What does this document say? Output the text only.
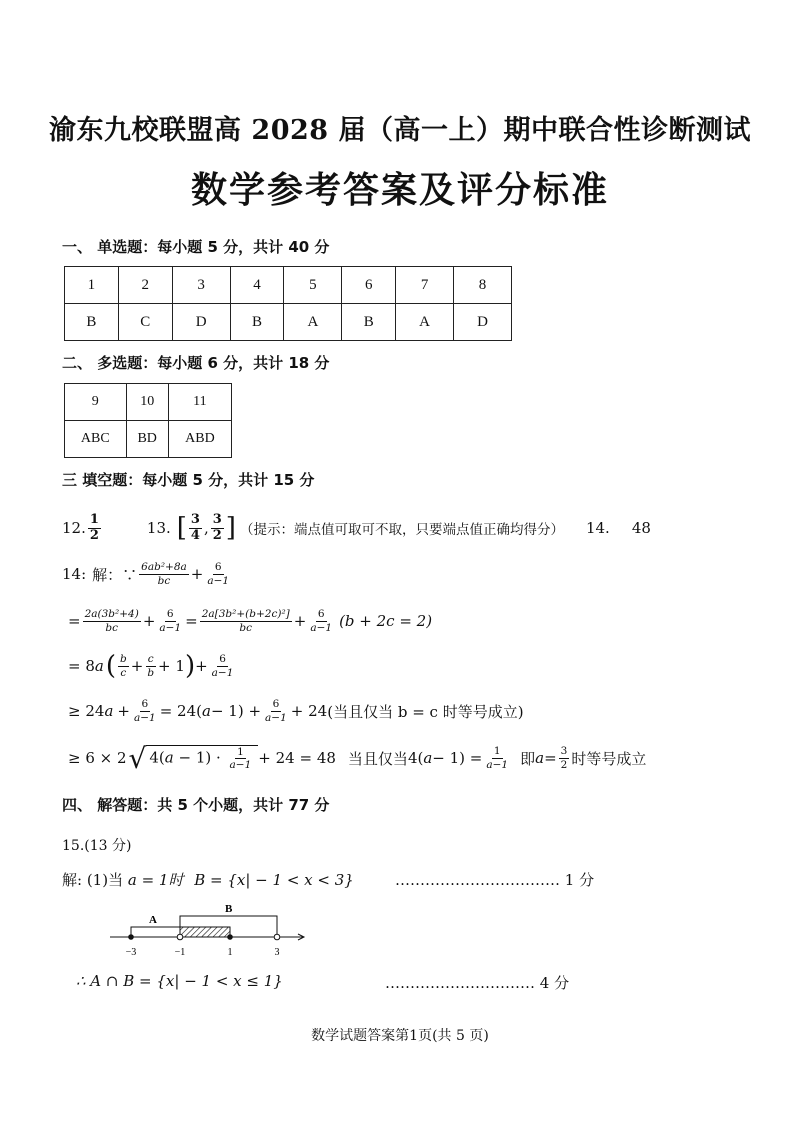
渝东九校联盟高 2028 届（高一上）期中联合性诊断测试
数学参考答案及评分标准
一、 单选题：每小题 5 分，共计 40 分
1	2	3	4	5	6	7	8
B	C	D	B	A	B	A	D
二、 多选题：每小题 6 分，共计 18 分
9	10	11
ABC	BD	ABD
三 填空题：每小题 5 分，共计 15 分
12. $\frac{1}{2}$	13. [ $\frac{3}{4}$ , $\frac{3}{2}$ ] （提示：端点值可取可不取，只要端点值正确均得分） 14. 48
14: 解：∵ $\frac{\text{6ab²+8a}}{bc} + \frac{6}{a-1}$
= $\frac{\text{2a(3b²+4)}}{bc} + \frac{6}{a-1} = \frac{\text{2a[3b²+(b+2c)²]}}{bc} + \frac{6}{a-1} (b + 2c = 2)$
= 8 a ( $\frac{b}{c} + \frac{c}{b} + 1$ ) + $\frac{6}{a-1}$
≥ 24 $a + \frac{6}{a-1} = 24$( $a - 1) + \frac{6}{a-1} + 24$ (当且仅当 b = c 时等号成立)
≥ 6 × 2 √ $4(a - 1) \cdot \frac{1}{a-1} + 24 = 48$ 当且仅当 4( $a - 1) = \frac{1}{a-1}$ 即 $a = \frac{3}{2}$ 时等号成立
四、 解答题：共 5 个小题，共计 77 分
15.(13 分)
解: (1)当 a = 1时 B = {x| − 1 < x < 3}	…………………………… 1 分
A
B
−3	−1	1	3
∴ A ∩ B = {x| − 1 < x ≤ 1}	………………………… 4 分
数学试题答案第1页(共 5 页)
